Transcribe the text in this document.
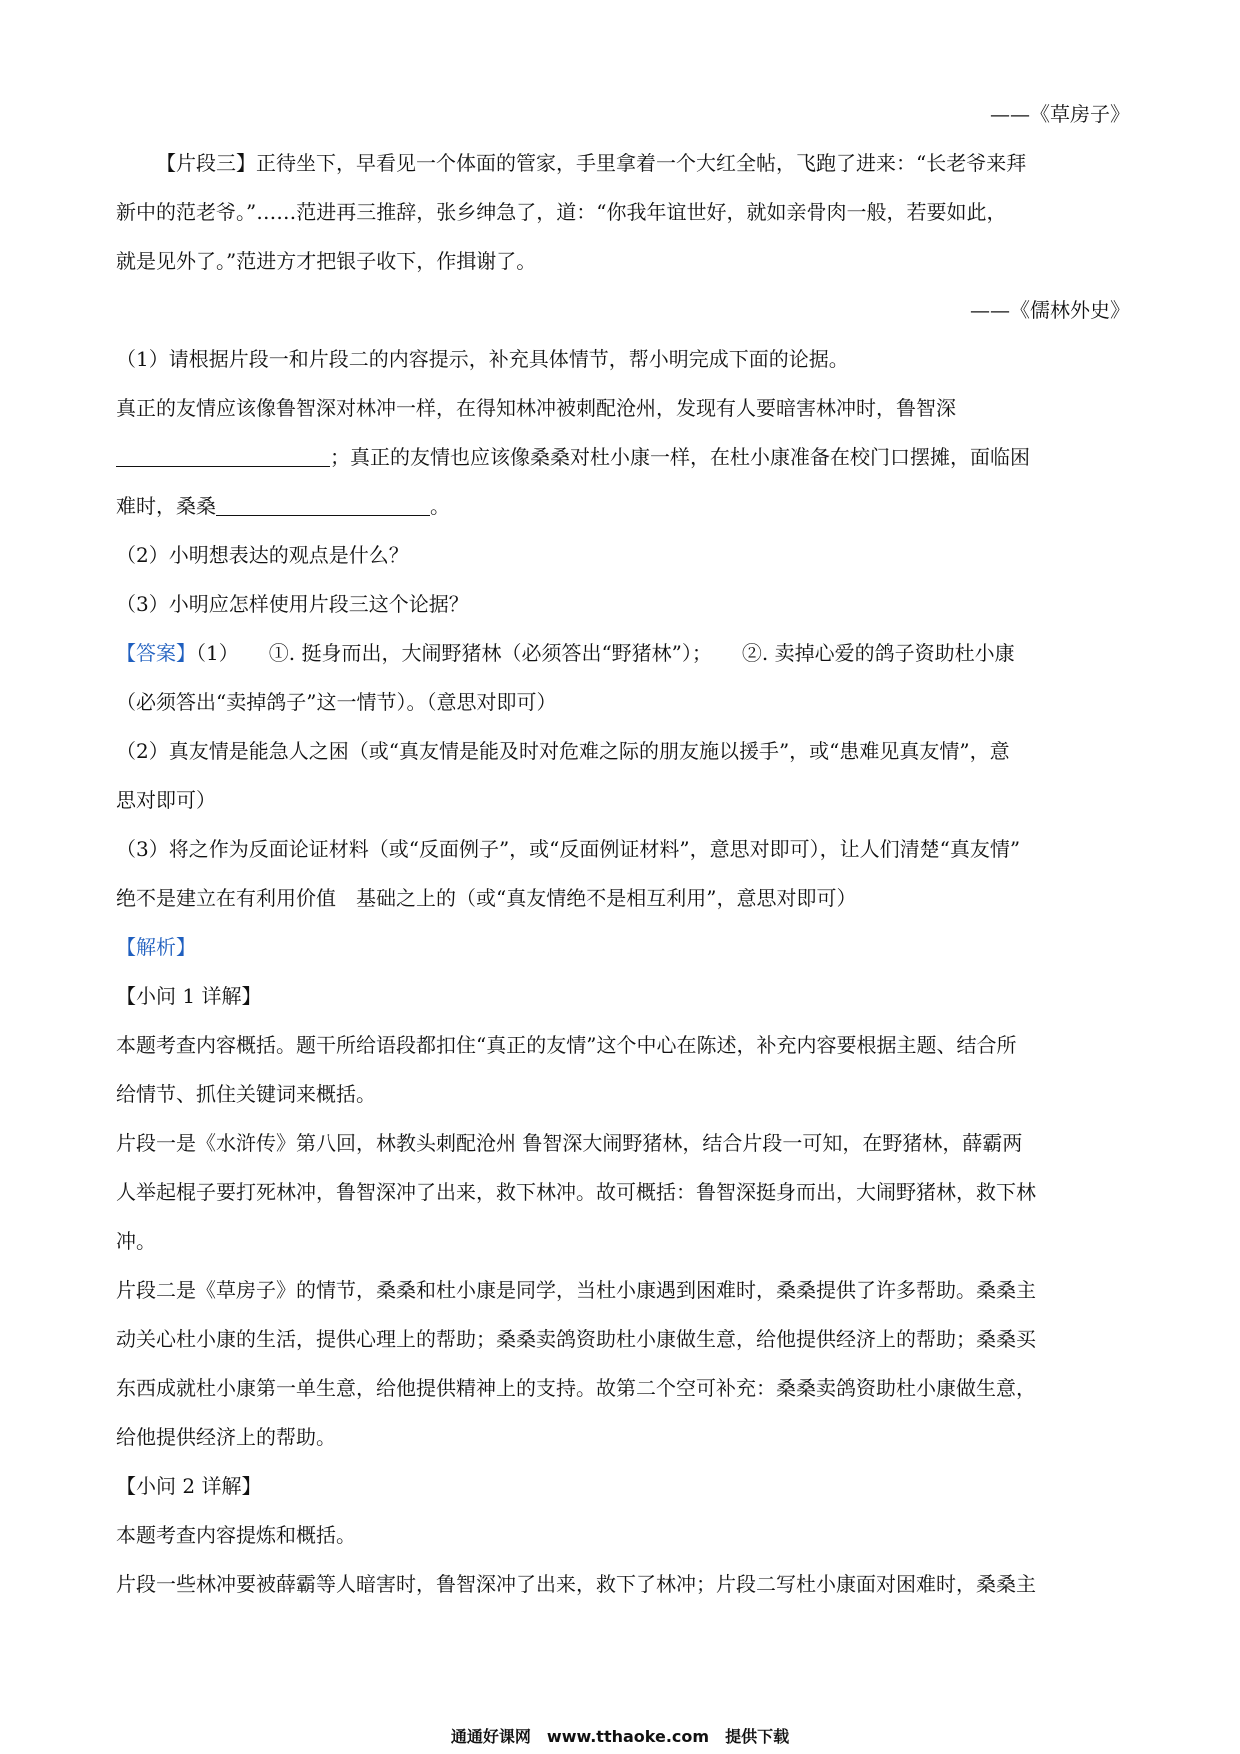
——《草房子》
【片段三】正待坐下，早看见一个体面的管家，手里拿着一个大红全帖，飞跑了进来：“长老爷来拜
新中的范老爷。”……范进再三推辞，张乡绅急了，道：“你我年谊世好，就如亲骨肉一般，若要如此，
就是见外了。”范进方才把银子收下，作揖谢了。
——《儒林外史》
（1）请根据片段一和片段二的内容提示，补充具体情节，帮小明完成下面的论据。
真正的友情应该像鲁智深对林冲一样，在得知林冲被刺配沧州，发现有人要暗害林冲时，鲁智深
；真正的友情也应该像桑桑对杜小康一样，在杜小康准备在校门口摆摊，面临困
难时，桑桑	。
（2）小明想表达的观点是什么？
（3）小明应怎样使用片段三这个论据？
【答案】（1）　　①. 挺身而出，大闹野猪林（必须答出“野猪林”）；　　②. 卖掉心爱的鸽子资助杜小康
（必须答出“卖掉鸽子”这一情节）。（意思对即可）
（2）真友情是能急人之困（或“真友情是能及时对危难之际的朋友施以援手”，或“患难见真友情”，意
思对即可）
（3）将之作为反面论证材料（或“反面例子”，或“反面例证材料”，意思对即可），让人们清楚“真友情”
绝不是建立在有利用价值　基础之上的（或“真友情绝不是相互利用”，意思对即可）
【解析】
【小问 1 详解】
本题考查内容概括。题干所给语段都扣住“真正的友情”这个中心在陈述，补充内容要根据主题、结合所
给情节、抓住关键词来概括。
片段一是《水浒传》第八回，林教头刺配沧州 鲁智深大闹野猪林，结合片段一可知，在野猪林，薛霸两
人举起棍子要打死林冲，鲁智深冲了出来，救下林冲。故可概括：鲁智深挺身而出，大闹野猪林，救下林
冲。
片段二是《草房子》的情节，桑桑和杜小康是同学，当杜小康遇到困难时，桑桑提供了许多帮助。桑桑主
动关心杜小康的生活，提供心理上的帮助；桑桑卖鸽资助杜小康做生意，给他提供经济上的帮助；桑桑买
东西成就杜小康第一单生意，给他提供精神上的支持。故第二个空可补充：桑桑卖鸽资助杜小康做生意，
给他提供经济上的帮助。
【小问 2 详解】
本题考查内容提炼和概括。
片段一些林冲要被薛霸等人暗害时，鲁智深冲了出来，救下了林冲；片段二写杜小康面对困难时，桑桑主
通通好课网　www.tthaoke.com　提供下载
